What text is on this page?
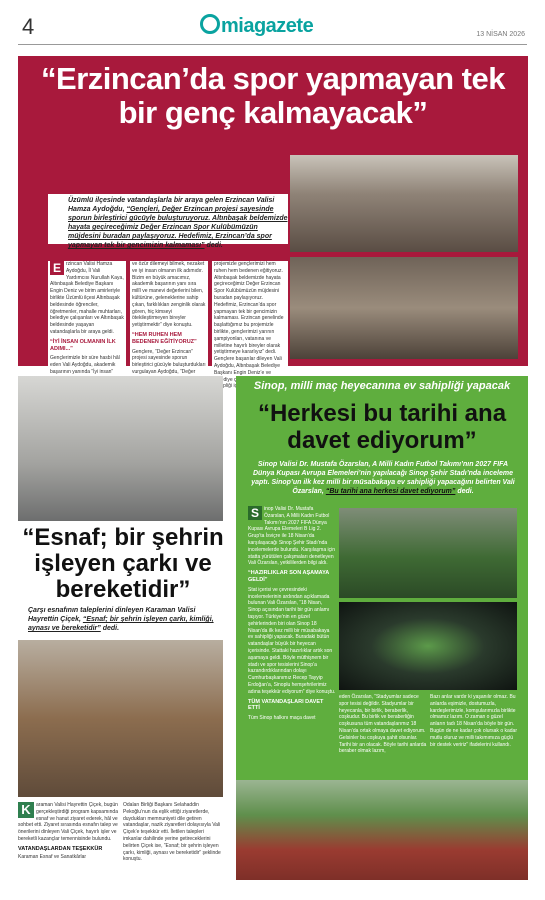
4	miagazete	13 NİSAN 2026
“Erzincan’da spor yapmayan tek bir genç kalmayacak”
Üzümlü ilçesinde vatandaşlarla bir araya gelen Erzincan Valisi Hamza Aydoğdu, “Gençleri, Değer Erzincan projesi sayesinde sporun birleştirici gücüyle buluşturuyoruz. Altınbaşak beldemizde hayata geçireceğimiz Değer Erzincan Spor Kulübümüzün müjdesini buradan paylaşıyoruz. Hedefimiz, Erzincan’da spor yapmayan tek bir gencimizin kalmaması” dedi.
E	rzincan Valisi Hamza Aydoğdu, İl Vali Yardımcısı Nurullah Kaya, Altınbaşak Belediye Başkanı Engin Deniz ve birim amirleriyle birlikte Üzümlü ilçesi Altınbaşak beldesinde öğrenciler, öğretmenler, mahalle muhtarları, belediye çalışanları ve Altınbaşak beldesinde yaşayan vatandaşlarla bir araya geldi.
“İYİ İNSAN OLMANIN İLK ADIMI...”
Gençlerimizle bir süre hasbi hâl eden Vali Aydoğdu, akademik başarının yanında “İyi insan”
ve özür dilemeyi bilmek, nezaket ve iyi insan olmanın ilk adımıdır. Bizim en büyük amacımız, akademik başarının yanı sıra millî ve manevi değerlerini bilen, kültürüne, geleneklerine sahip çıkan, farklılıkları zenginlik olarak gören, hiç kimseyi ötekileştirmeyen bireyler yetiştirmektir” diye konuştu.
“HEM RUHEN HEM BEDENEN EĞİTİYORUZ”
Gençlere, “Değer Erzincan” projesi sayesinde sporun birleştirici gücüyle buluşturdukları vurgulayan Aydoğdu, “Değer
projemizle gençlerimizi hem ruhen hem bedenen eğitiyoruz. Altınbaşak beldemizde hayata geçireceğimiz Değer Erzincan Spor Kulübümüzün müjdesini buradan paylaşıyoruz. Hedefimiz, Erzincan’da spor yapmayan tek bir gencimizin kalmaması. Erzincan genelinde başlattığımız bu projemizle birlikte, gençlerimizi yarının şampiyonları, vatanına ve milletine hayırlı bireyler olarak yetiştirmeye kararlıyız” dedi. Gençlere başarılar dileyen Vali Aydoğdu, Altınbaşak Belediye Başkanı Engin Deniz’e ve belediye sahipliği
“Esnaf; bir şehrin işleyen çarkı ve bereketidir”
Çarşı esnafının taleplerini dinleyen Karaman Valisi Hayrettin Çiçek, “Esnaf; bir şehrin işleyen çarkı, kimliği, aynası ve bereketidir” dedi.
K	araman Valisi Hayrettin Çiçek, bugün gerçekleştirdiği program kapsamında esnaf ve hanut ziyaret ederek, hâl ve sohbet etti. Ziyaret sırasında esnafın talep ve önerilerini dinleyen Vali Çiçek, hayırlı işler ve bereketli kazançlar temennisinde bulundu.
VATANDAŞLARDAN TEŞEKKÜR
Karaman Esnaf ve Sanatkârlar
Odaları Birliği Başkanı Selahaddin Pekoğlu’nun da eşlik ettiği ziyaretlerde, duydukları memnuniyeti dile getiren vatandaşlar, nazik ziyaretleri dolayısıyla Vali Çiçek’e teşekkür etti. İletilen talepleri imkanlar dahilinde yerine getireceklerini belirten Çiçek ise, “Esnaf; bir şehrin işleyen çarkı, kimliği, aynası ve bereketidir” şeklinde konuştu.
Sinop, milli maç heyecanına ev sahipliği yapacak
“Herkesi bu tarihi ana davet ediyorum”
Sinop Valisi Dr. Mustafa Özarslan, A Milli Kadın Futbol Takımı’nın 2027 FIFA Dünya Kupası Avrupa Elemeleri’nin yapılacağı Sinop Şehir Stadı’nda inceleme yaptı. Sinop’un ilk kez milli bir müsabakaya ev sahipliği yapacağını belirten Vali Özarslan, “Bu tarihi ana herkesi davet ediyorum” dedi.
S	inop Valisi Dr. Mustafa Özarslan, A Milli Kadın Futbol Takımı’nın 2027 FIFA Dünya Kupası Avrupa Elemeleri B Lig 2. Grup’ta İsviçre ile 18 Nisan’da karşılaşacağı Sinop Şehir Stadı’nda incelemelerde bulundu. Karşılaşma için statta yürütülen çalışmaları denetleyen Vali Özarslan, yetkililerden bilgi aldı.
“HAZIRLIKLAR SON AŞAMAYA GELDİ”
Stat içerisi ve çevresindeki incelemelerinin ardından açıklamada bulunan Vali Özarslan, “18 Nisan, Sinop açısından tarihi bir gün anlamı taşıyor. Türkiye’nin en güzel şehirlerinden biri olan Sinop 18 Nisan’da ilk kez milli bir müsabakaya ev sahipliği yapacak. Buradaki bütün vatandaşlar büyük bir heyecan içerisinde. Stattaki hazırlıklar artık son aşamaya geldi. Böyle müthişnem bir stadı ve spor tesislerini Sinop’a kazandırdıklarından dolayı Cumhurbaşkanımız Recep Tayyip Erdoğan’a, Sinoplu hemşehrilerimiz adına teşekkür ediyorum” diye konuştu.
TÜM VATANDAŞLARI DAVET ETTİ
Tüm Sinop halkını maça davet
eden Özarslan, “Stadyumlar sadece spor tesisi değildir. Stadyumlar bir heyecanla, bir birlik, beraberlik, coşkudur. Bu birlik ve beraberliğin coşkusuna tüm vatandaşlarımız 18 Nisan’da ortak olmaya davet ediyorum. Gelsinler bu coşkuya şahit olsunlar. Tarihi bir an olacak. Böyle tarihi anlarda beraber olmak lazım,
Bazı anlar vardır ki yaşanılır olmaz. Bu anlarda eşimizle, dostumuzla, kardeşlerimizle, komşularımızla birlikte olmamız lazım. O zaman o güzel anların tadı 18 Nisan’da böyle bir gün. Bugün de ne kadar çok olursak o kadar mutlu oluruz ve milli takımımıza güçlü bir destek veririz” ifadelerini kullandı.
